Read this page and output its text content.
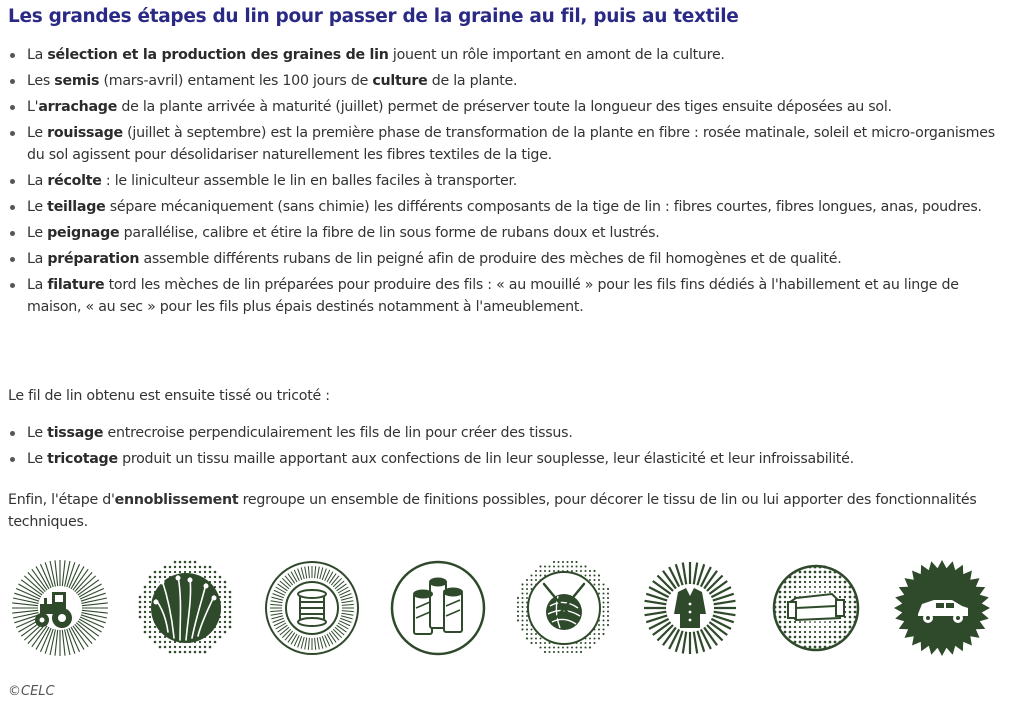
Les grandes étapes du lin pour passer de la graine au fil, puis au textile
La sélection et la production des graines de lin jouent un rôle important en amont de la culture.
Les semis (mars-avril) entament les 100 jours de culture de la plante.
L'arrachage de la plante arrivée à maturité (juillet) permet de préserver toute la longueur des tiges ensuite déposées au sol.
Le rouissage (juillet à septembre) est la première phase de transformation de la plante en fibre : rosée matinale, soleil et micro-organismes du sol agissent pour désolidariser naturellement les fibres textiles de la tige.
La récolte : le liniculteur assemble le lin en balles faciles à transporter.
Le teillage sépare mécaniquement (sans chimie) les différents composants de la tige de lin : fibres courtes, fibres longues, anas, poudres.
Le peignage parallélise, calibre et étire la fibre de lin sous forme de rubans doux et lustrés.
La préparation assemble différents rubans de lin peigné afin de produire des mèches de fil homogènes et de qualité.
La filature tord les mèches de lin préparées pour produire des fils : « au mouillé » pour les fils fins dédiés à l'habillement et au linge de maison, « au sec » pour les fils plus épais destinés notamment à l'ameublement.

Le fil de lin obtenu est ensuite tissé ou tricoté :

Le tissage entrecroise perpendiculairement les fils de lin pour créer des tissus.
Le tricotage produit un tissu maille apportant aux confections de lin leur souplesse, leur élasticité et leur infroissabilité.

Enfin, l'étape d'ennoblissement regroupe un ensemble de finitions possibles, pour décorer le tissu de lin ou lui apporter des fonctionnalités techniques.

©CELC
